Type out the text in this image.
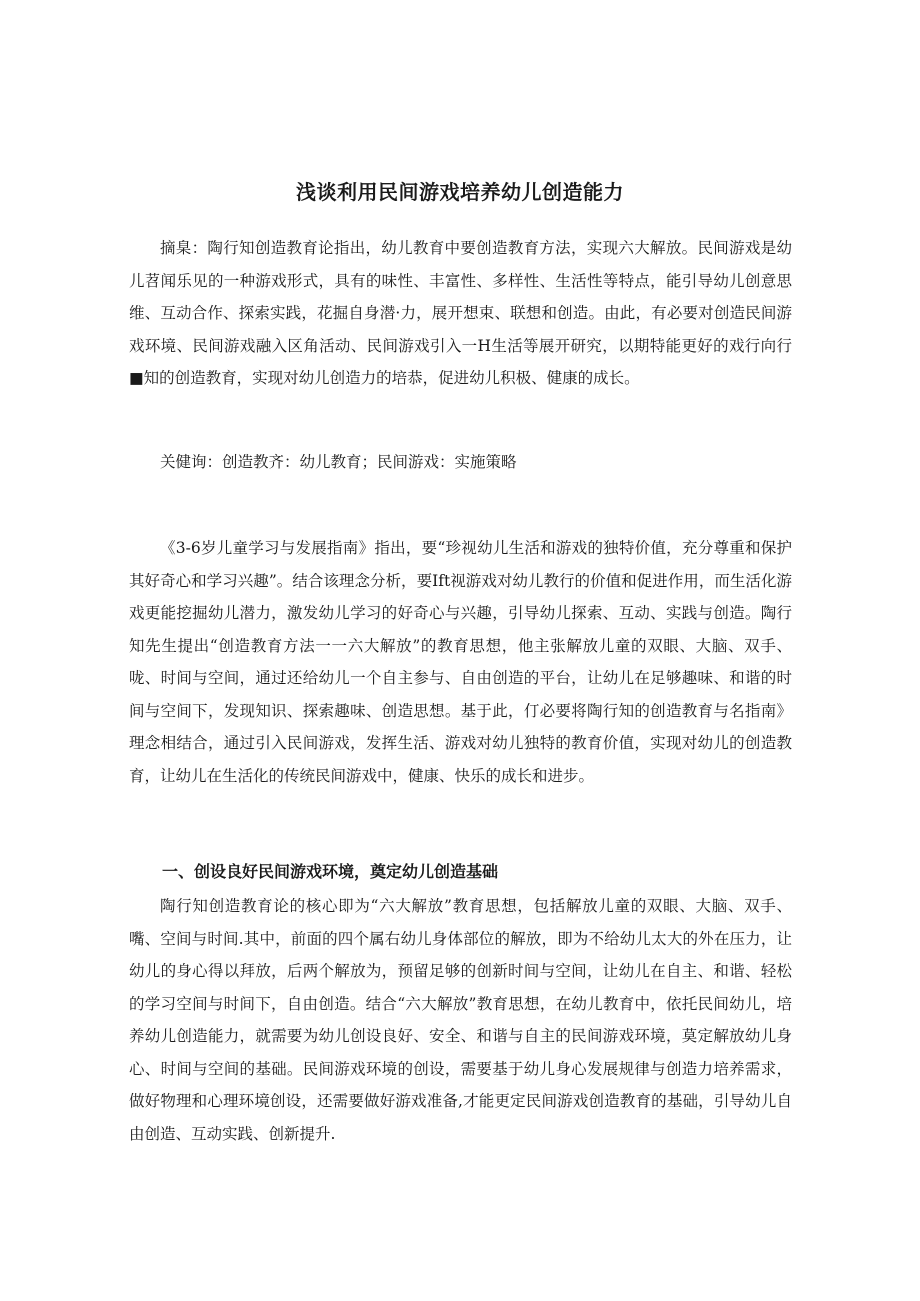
浅谈利用民间游戏培养幼儿创造能力

摘臬：陶行知创造教育论指出，幼儿教育中要创造教育方法，实现六大解放。民间游戏是幼儿苕闻乐见的一种游戏形式，具有的味性、丰富性、多样性、生活性等特点，能引导幼儿创意思维、互动合作、探索实践，花掘自身潜·力，展开想束、联想和创造。由此，有必要对创造民间游戏环境、民间游戏融入区角活动、民间游戏引入一H生活等展开研究，以期特能更好的戏行向行■知的创造教育，实现对幼儿创造力的培恭，促进幼儿积极、健康的成长。

关健询：创造教齐：幼儿教育；民间游戏：实施策略

《3-6岁儿童学习与发展指南》指出，要“珍视幼儿生活和游戏的独特价值，充分尊重和保护其好奇心和学习兴趣”。结合该理念分析，要Ift视游戏对幼儿教行的价值和促进作用，而生活化游戏更能挖掘幼儿潜力，激发幼儿学习的好奇心与兴趣，引导幼儿探索、互动、实践与创造。陶行知先生提出“创造教育方法一一六大解放”的教育思想，他主张解放儿童的双眼、大脑、双手、咙、时间与空间，通过还给幼儿一个自主参与、自由创造的平台，让幼儿在足够趣味、和谐的时间与空间下，发现知识、探索趣味、创造思想。基于此，仃必要将陶行知的创造教育与名指南》理念相结合，通过引入民间游戏，发挥生活、游戏对幼儿独特的教育价值，实现对幼儿的创造教育，让幼儿在生活化的传统民间游戏中，健康、快乐的成长和进步。

一、创设良好民间游戏环境，奠定幼儿创造基础

陶行知创造教育论的核心即为“六大解放”教育思想，包括解放儿童的双眼、大脑、双手、嘴、空间与时间.其中，前面的四个属右幼儿身体部位的解放，即为不给幼儿太大的外在压力，让幼儿的身心得以拜放，后两个解放为，预留足够的创新时间与空间，让幼儿在自主、和谐、轻松的学习空间与时间下，自由创造。结合“六大解放”教育思想，在幼儿教育中，依托民间幼儿，培养幼儿创造能力，就需要为幼儿创设良好、安全、和谐与自主的民间游戏环境，莫定解放幼儿身心、时间与空间的基础。民间游戏环境的创设，需要基于幼儿身心发展规律与创造力培养需求，做好物理和心理环境创设，还需要做好游戏准备,才能更定民间游戏创造教育的基础，引导幼儿自由创造、互动实践、创新提升.
